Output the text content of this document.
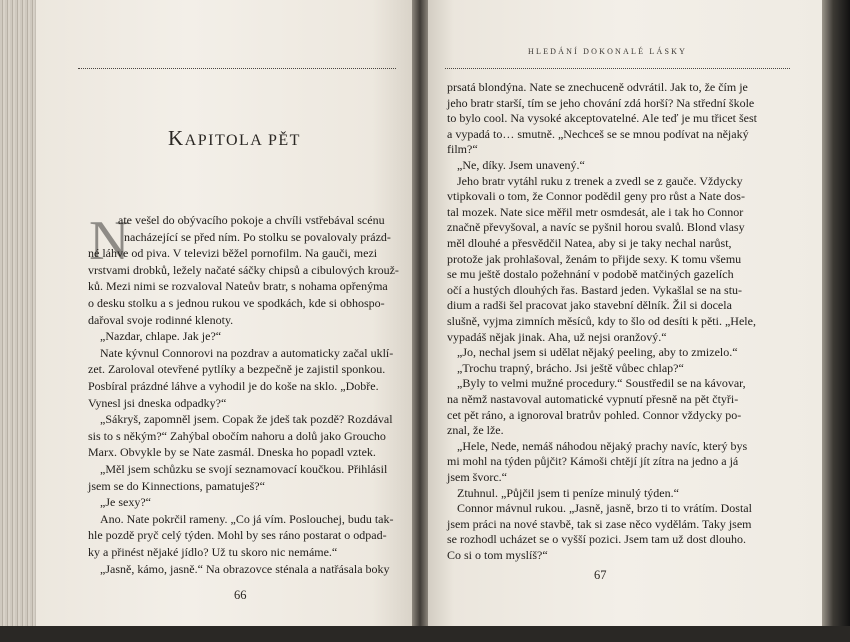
KAPITOLA PĚT
N
ate vešel do obývacího pokoje a chvíli vstřebával scénu
nacházející se před ním. Po stolku se povalovaly prázd-
né láhve od piva. V televizi běžel pornofilm. Na gauči, mezi
vrstvami drobků, ležely načaté sáčky chipsů a cibulových krouž-
ků. Mezi nimi se rozvaloval Nateův bratr, s nohama opřenýma
o desku stolku a s jednou rukou ve spodkách, kde si obhospo-
dařoval svoje rodinné klenoty.
„Nazdar, chlape. Jak je?“
Nate kývnul Connorovi na pozdrav a automaticky začal uklí-
zet. Zaroloval otevřené pytlíky a bezpečně je zajistil sponkou.
Posbíral prázdné láhve a vyhodil je do koše na sklo. „Dobře.
Vynesl jsi dneska odpadky?“
„Sákryš, zapomněl jsem. Copak že jdeš tak pozdě? Rozdával
sis to s někým?“ Zahýbal obočím nahoru a dolů jako Groucho
Marx. Obvykle by se Nate zasmál. Dneska ho popadl vztek.
„Měl jsem schůzku se svojí seznamovací koučkou. Přihlásil
jsem se do Kinnections, pamatuješ?“
„Je sexy?“
Ano. Nate pokrčil rameny. „Co já vím. Poslouchej, budu tak-
hle pozdě pryč celý týden. Mohl by ses ráno postarat o odpad-
ky a přinést nějaké jídlo? Už tu skoro nic nemáme.“
„Jasně, kámo, jasně.“ Na obrazovce sténala a natřásala boky
66
HLEDÁNÍ DOKONALÉ LÁSKY
prsatá blondýna. Nate se znechuceně odvrátil. Jak to, že čím je
jeho bratr starší, tím se jeho chování zdá horší? Na střední škole
to bylo cool. Na vysoké akceptovatelné. Ale teď je mu třicet šest
a vypadá to… smutně. „Nechceš se se mnou podívat na nějaký
film?“
„Ne, díky. Jsem unavený.“
Jeho bratr vytáhl ruku z trenek a zvedl se z gauče. Vždycky
vtipkovali o tom, že Connor podědil geny pro růst a Nate dos-
tal mozek. Nate sice měřil metr osmdesát, ale i tak ho Connor
značně převyšoval, a navíc se pyšnil horou svalů. Blond vlasy
měl dlouhé a přesvědčil Natea, aby si je taky nechal narůst,
protože jak prohlašoval, ženám to přijde sexy. K tomu všemu
se mu ještě dostalo požehnání v podobě matčiných gazelích
očí a hustých dlouhých řas. Bastard jeden. Vykašlal se na stu-
dium a radši šel pracovat jako stavební dělník. Žil si docela
slušně, vyjma zimních měsíců, kdy to šlo od desíti k pěti. „Hele,
vypadáš nějak jinak. Aha, už nejsi oranžový.“
„Jo, nechal jsem si udělat nějaký peeling, aby to zmizelo.“
„Trochu trapný, brácho. Jsi ještě vůbec chlap?“
„Byly to velmi mužné procedury.“ Soustředil se na kávovar,
na němž nastavoval automatické vypnutí přesně na pět čtyři-
cet pět ráno, a ignoroval bratrův pohled. Connor vždycky po-
znal, že lže.
„Hele, Nede, nemáš náhodou nějaký prachy navíc, který bys
mi mohl na týden půjčit? Kámoši chtějí jít zítra na jedno a já
jsem švorc.“
Ztuhnul. „Půjčil jsem ti peníze minulý týden.“
Connor mávnul rukou. „Jasně, jasně, brzo ti to vrátím. Dostal
jsem práci na nové stavbě, tak si zase něco vydělám. Taky jsem
se rozhodl ucházet se o vyšší pozici. Jsem tam už dost dlouho.
Co si o tom myslíš?“
67
